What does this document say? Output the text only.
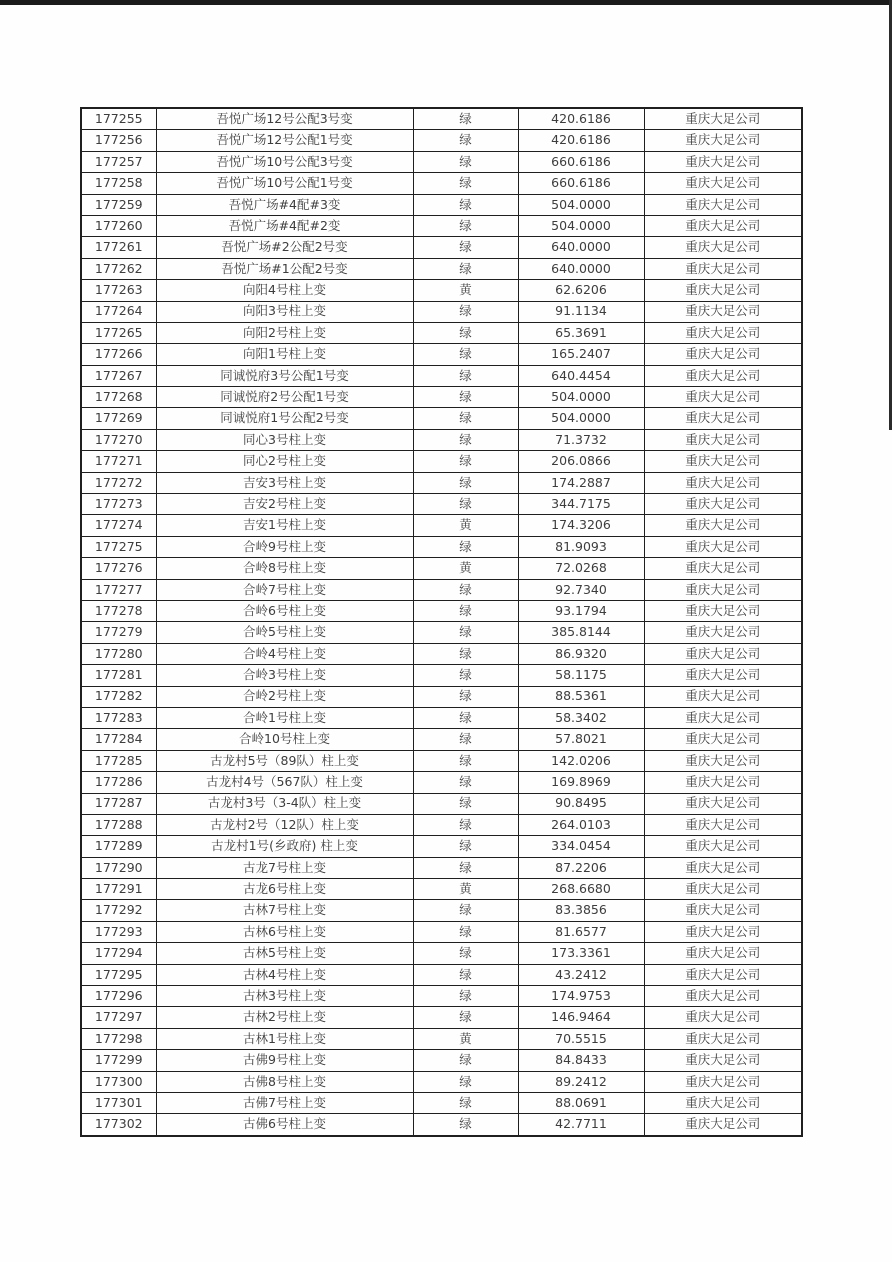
177255	吾悦广场12号公配3号变	绿	420.6186	重庆大足公司
177256	吾悦广场12号公配1号变	绿	420.6186	重庆大足公司
177257	吾悦广场10号公配3号变	绿	660.6186	重庆大足公司
177258	吾悦广场10号公配1号变	绿	660.6186	重庆大足公司
177259	吾悦广场#4配#3变	绿	504.0000	重庆大足公司
177260	吾悦广场#4配#2变	绿	504.0000	重庆大足公司
177261	吾悦广场#2公配2号变	绿	640.0000	重庆大足公司
177262	吾悦广场#1公配2号变	绿	640.0000	重庆大足公司
177263	向阳4号柱上变	黄	62.6206	重庆大足公司
177264	向阳3号柱上变	绿	91.1134	重庆大足公司
177265	向阳2号柱上变	绿	65.3691	重庆大足公司
177266	向阳1号柱上变	绿	165.2407	重庆大足公司
177267	同诚悦府3号公配1号变	绿	640.4454	重庆大足公司
177268	同诚悦府2号公配1号变	绿	504.0000	重庆大足公司
177269	同诚悦府1号公配2号变	绿	504.0000	重庆大足公司
177270	同心3号柱上变	绿	71.3732	重庆大足公司
177271	同心2号柱上变	绿	206.0866	重庆大足公司
177272	吉安3号柱上变	绿	174.2887	重庆大足公司
177273	吉安2号柱上变	绿	344.7175	重庆大足公司
177274	吉安1号柱上变	黄	174.3206	重庆大足公司
177275	合岭9号柱上变	绿	81.9093	重庆大足公司
177276	合岭8号柱上变	黄	72.0268	重庆大足公司
177277	合岭7号柱上变	绿	92.7340	重庆大足公司
177278	合岭6号柱上变	绿	93.1794	重庆大足公司
177279	合岭5号柱上变	绿	385.8144	重庆大足公司
177280	合岭4号柱上变	绿	86.9320	重庆大足公司
177281	合岭3号柱上变	绿	58.1175	重庆大足公司
177282	合岭2号柱上变	绿	88.5361	重庆大足公司
177283	合岭1号柱上变	绿	58.3402	重庆大足公司
177284	合岭10号柱上变	绿	57.8021	重庆大足公司
177285	古龙村5号（89队）柱上变	绿	142.0206	重庆大足公司
177286	古龙村4号（567队）柱上变	绿	169.8969	重庆大足公司
177287	古龙村3号（3-4队）柱上变	绿	90.8495	重庆大足公司
177288	古龙村2号（12队）柱上变	绿	264.0103	重庆大足公司
177289	古龙村1号(乡政府) 柱上变	绿	334.0454	重庆大足公司
177290	古龙7号柱上变	绿	87.2206	重庆大足公司
177291	古龙6号柱上变	黄	268.6680	重庆大足公司
177292	古林7号柱上变	绿	83.3856	重庆大足公司
177293	古林6号柱上变	绿	81.6577	重庆大足公司
177294	古林5号柱上变	绿	173.3361	重庆大足公司
177295	古林4号柱上变	绿	43.2412	重庆大足公司
177296	古林3号柱上变	绿	174.9753	重庆大足公司
177297	古林2号柱上变	绿	146.9464	重庆大足公司
177298	古林1号柱上变	黄	70.5515	重庆大足公司
177299	古佛9号柱上变	绿	84.8433	重庆大足公司
177300	古佛8号柱上变	绿	89.2412	重庆大足公司
177301	古佛7号柱上变	绿	88.0691	重庆大足公司
177302	古佛6号柱上变	绿	42.7711	重庆大足公司
